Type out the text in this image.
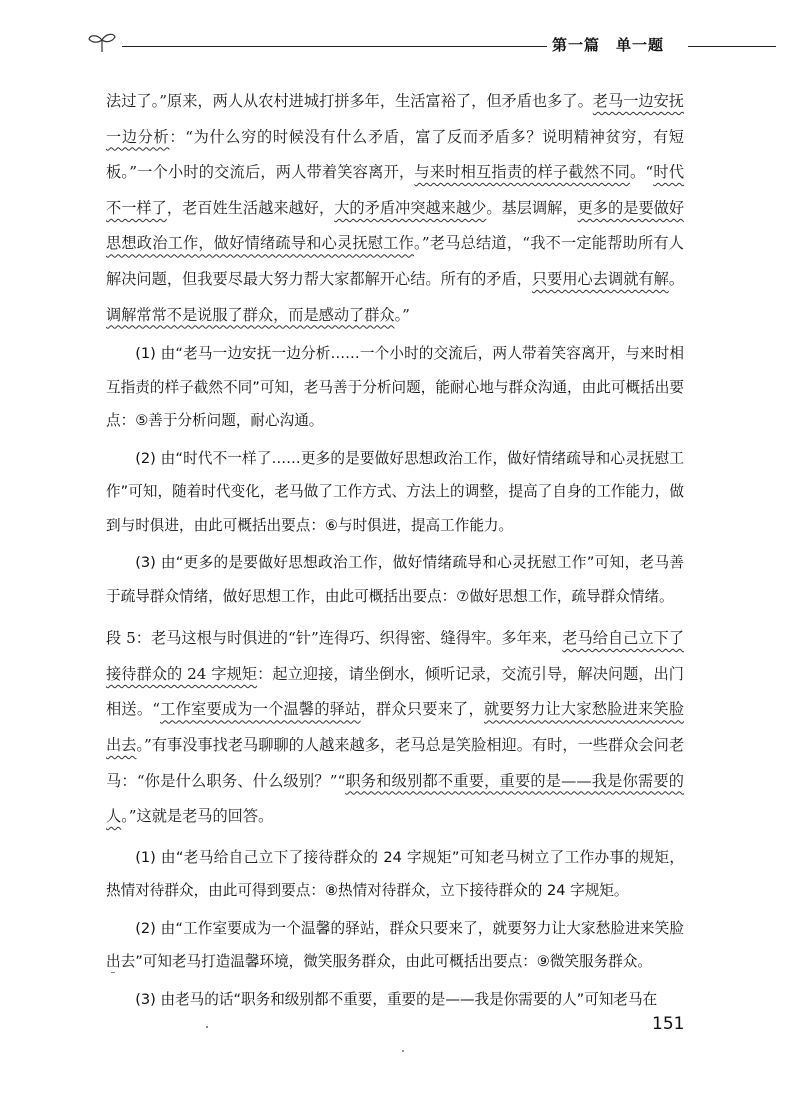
第一篇　单一题

法过了。”原来，两人从农村进城打拼多年，生活富裕了，但矛盾也多了。老马一边安抚一边分析：“为什么穷的时候没有什么矛盾，富了反而矛盾多？说明精神贫穷，有短板。”一个小时的交流后，两人带着笑容离开，与来时相互指责的样子截然不同。“时代不一样了，老百姓生活越来越好，大的矛盾冲突越来越少。基层调解，更多的是要做好思想政治工作，做好情绪疏导和心灵抚慰工作。”老马总结道，“我不一定能帮助所有人解决问题，但我要尽最大努力帮大家都解开心结。所有的矛盾，只要用心去调就有解。调解常常不是说服了群众，而是感动了群众。”

(1) 由“老马一边安抚一边分析……一个小时的交流后，两人带着笑容离开，与来时相互指责的样子截然不同”可知，老马善于分析问题，能耐心地与群众沟通，由此可概括出要点：⑤善于分析问题，耐心沟通。

(2) 由“时代不一样了……更多的是要做好思想政治工作，做好情绪疏导和心灵抚慰工作”可知，随着时代变化，老马做了工作方式、方法上的调整，提高了自身的工作能力，做到与时俱进，由此可概括出要点：⑥与时俱进，提高工作能力。

(3) 由“更多的是要做好思想政治工作，做好情绪疏导和心灵抚慰工作”可知，老马善于疏导群众情绪，做好思想工作，由此可概括出要点：⑦做好思想工作，疏导群众情绪。

段 5：老马这根与时俱进的“针”连得巧、织得密、缝得牢。多年来，老马给自己立下了接待群众的 24 字规矩：起立迎接，请坐倒水，倾听记录，交流引导，解决问题，出门相送。“工作室要成为一个温馨的驿站，群众只要来了，就要努力让大家愁脸进来笑脸出去。”有事没事找老马聊聊的人越来越多，老马总是笑脸相迎。有时，一些群众会问老马：“你是什么职务、什么级别？”“职务和级别都不重要，重要的是——我是你需要的人。”这就是老马的回答。

(1) 由“老马给自己立下了接待群众的 24 字规矩”可知老马树立了工作办事的规矩，热情对待群众，由此可得到要点：⑧热情对待群众，立下接待群众的 24 字规矩。

(2) 由“工作室要成为一个温馨的驿站，群众只要来了，就要努力让大家愁脸进来笑脸出去”可知老马打造温馨环境，微笑服务群众，由此可概括出要点：⑨微笑服务群众。

(3) 由老马的话“职务和级别都不重要，重要的是——我是你需要的人”可知老马在

151
